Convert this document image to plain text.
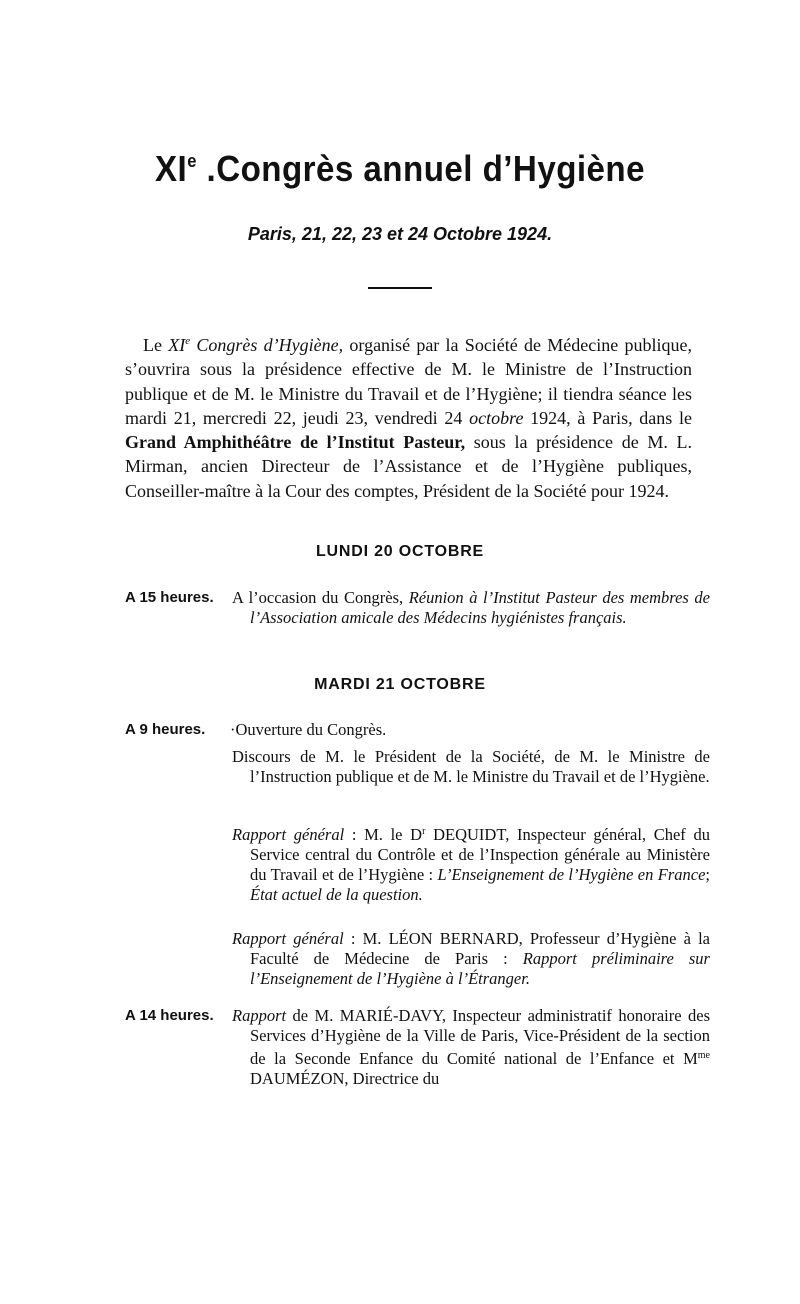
XIe .Congrès annuel d’Hygiène
Paris, 21, 22, 23 et 24 Octobre 1924.

Le XIe Congrès d’Hygiène, organisé par la Société de Médecine publique, s’ouvrira sous la présidence effective de M. le Ministre de l’Instruction publique et de M. le Ministre du Travail et de l’Hygiène; il tiendra séance les mardi 21, mercredi 22, jeudi 23, vendredi 24 octobre 1924, à Paris, dans le Grand Amphithéâtre de l’Institut Pasteur, sous la présidence de M. L. Mirman, ancien Directeur de l’Assistance et de l’Hygiène publiques, Conseiller-maître à la Cour des comptes, Président de la Société pour 1924.

LUNDI 20 OCTOBRE
A 15 heures. A l’occasion du Congrès, Réunion à l’Institut Pasteur des membres de l’Association amicale des Médecins hygiénistes français.
MARDI 21 OCTOBRE
A 9 heures. ·Ouverture du Congrès.
Discours de M. le Président de la Société, de M. le Ministre de l’Instruction publique et de M. le Ministre du Travail et de l’Hygiène.
Rapport général : M. le $D^r$ DEQUIDT, Inspecteur général, Chef du Service central du Contrôle et de l’Inspection générale au Ministère du Travail et de l’Hygiène : L’Enseignement de l’Hygiène en France; État actuel de la question.
Rapport général : M. LÉON BERNARD, Professeur d’Hygiène à la Faculté de Médecine de Paris : Rapport préliminaire sur l’Enseignement de l’Hygiène à l’Étranger.
A 14 heures. Rapport de M. MARIÉ-DAVY, Inspecteur administratif honoraire des Services d’Hygiène de la Ville de Paris, Vice-Président de la section de la Seconde Enfance du Comité national de l’Enfance et $M^{me}$ DAUMÉZON, Directrice du
